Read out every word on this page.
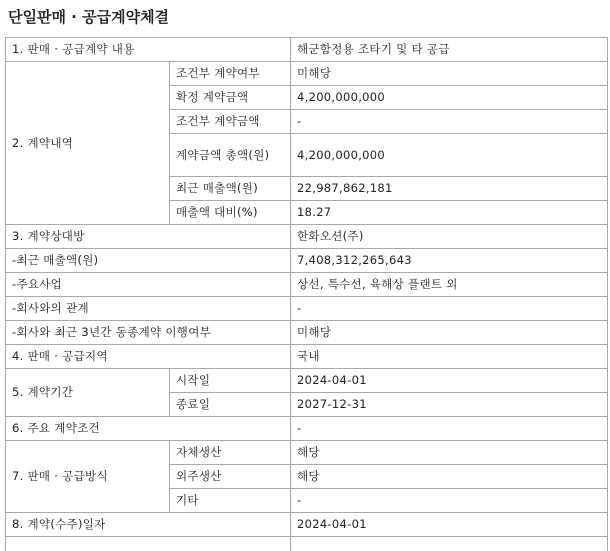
단일판매 · 공급계약체결
1. 판매 · 공급계약 내용		해군함정용 조타기 및 타 공급
2. 계약내역	조건부 계약여부	미해당
	확정 계약금액	4,200,000,000
	조건부 계약금액	-
	계약금액 총액(원)	4,200,000,000
	최근 매출액(원)	22,987,862,181
	매출액 대비(%)	18.27
3. 계약상대방		한화오션(주)
-최근 매출액(원)		7,408,312,265,643
-주요사업		상선, 특수선, 육해상 플랜트 외
-회사와의 관계		-
-회사와 최근 3년간 동종계약 이행여부		미해당
4. 판매 · 공급지역		국내
5. 계약기간	시작일	2024-04-01
	종료일	2027-12-31
6. 주요 계약조건		-
7. 판매 · 공급방식	자체생산	해당
	외주생산	해당
	기타	-
8. 계약(수주)일자		2024-04-01
